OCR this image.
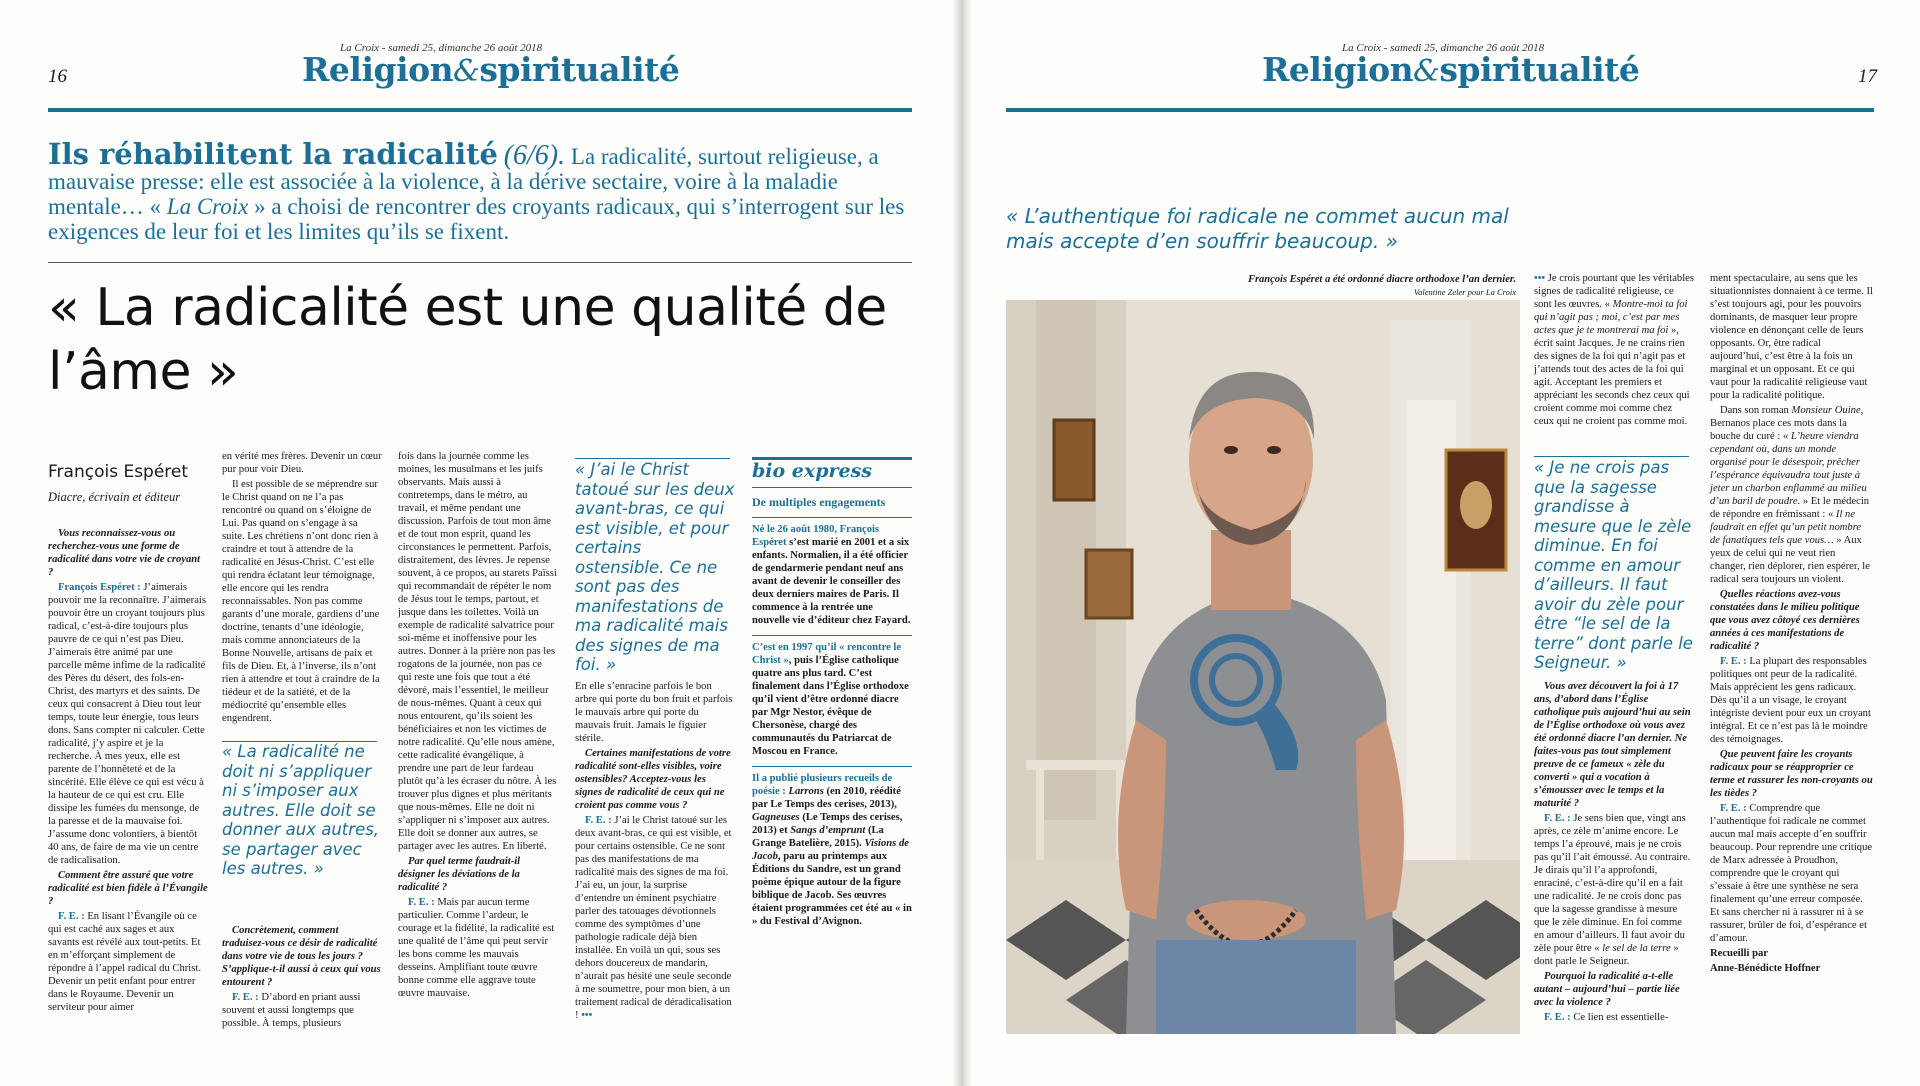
La Croix - samedi 25, dimanche 26 août 2018
16	Religion&spiritualité
Ils réhabilitent la radicalité (6/6). La radicalité, surtout religieuse, a mauvaise presse: elle est associée à la violence, à la dérive sectaire, voire à la maladie mentale… « La Croix » a choisi de rencontrer des croyants radicaux, qui s’interrogent sur les exigences de leur foi et les limites qu’ils se fixent.
« La radicalité est une qualité de l’âme »
François Espéret
Diacre, écrivain et éditeur

Vous reconnaissez-vous ou recherchez-vous une forme de radicalité dans votre vie de croyant ?

François Espéret : J’aimerais pouvoir me la reconnaître. J’aimerais pouvoir être un croyant toujours plus radical, c’est-à-dire toujours plus pauvre de ce qui n’est pas Dieu. J’aimerais être animé par une parcelle même infime de la radicalité des Pères du désert, des fols-en-Christ, des martyrs et des saints. De ceux qui consacrent à Dieu tout leur temps, toute leur énergie, tous leurs dons. Sans compter ni calculer. Cette radicalité, j’y aspire et je la recherche. À mes yeux, elle est parente de l’honnêteté et de la sincérité. Elle élève ce qui est vécu à la hauteur de ce qui est cru. Elle dissipe les fumées du mensonge, de la paresse et de la mauvaise foi. J’assume donc volontiers, à bientôt 40 ans, de faire de ma vie un centre de radicalisation.

Comment être assuré que votre radicalité est bien fidèle à l’Évangile ?

F. E. : En lisant l’Évangile où ce qui est caché aux sages et aux savants est révélé aux tout-petits. Et en m’efforçant simplement de répondre à l’appel radical du Christ. Devenir un petit enfant pour entrer dans le Royaume. Devenir un serviteur pour aimer

en vérité mes frères. Devenir un cœur pur pour voir Dieu.

Il est possible de se méprendre sur le Christ quand on ne l’a pas rencontré ou quand on s’éloigne de Lui. Pas quand on s’engage à sa suite. Les chrétiens n’ont donc rien à craindre et tout à attendre de la radicalité en Jésus-Christ. C’est elle qui rendra éclatant leur témoignage, elle encore qui les rendra reconnaissables. Non pas comme garants d’une morale, gardiens d’une doctrine, tenants d’une idéologie, mais comme annonciateurs de la Bonne Nouvelle, artisans de paix et fils de Dieu. Et, à l’inverse, ils n’ont rien à attendre et tout à craindre de la tiédeur et de la satiété, et de la médiocrité qu’ensemble elles engendrent.

« La radicalité ne doit ni s’appliquer ni s’imposer aux autres. Elle doit se donner aux autres, se partager avec les autres. »

Concrètement, comment traduisez-vous ce désir de radicalité dans votre vie de tous les jours ? S’applique-t-il aussi à ceux qui vous entourent ?

F. E. : D’abord en priant aussi souvent et aussi longtemps que possible. À temps, plusieurs

fois dans la journée comme les moines, les musulmans et les juifs observants. Mais aussi à contretemps, dans le métro, au travail, et même pendant une discussion. Parfois de tout mon âme et de tout mon esprit, quand les circonstances le permettent. Parfois, distraitement, des lèvres. Je repense souvent, à ce propos, au starets Païssi qui recommandait de répéter le nom de Jésus tout le temps, partout, et jusque dans les toilettes. Voilà un exemple de radicalité salvatrice pour soi-même et inoffensive pour les autres. Donner à la prière non pas les rogatons de la journée, non pas ce qui reste une fois que tout a été dévoré, mais l’essentiel, le meilleur de nous-mêmes. Quant à ceux qui nous entourent, qu’ils soient les bénéficiaires et non les victimes de notre radicalité. Qu’elle nous amène, cette radicalité évangélique, à prendre une part de leur fardeau plutôt qu’à les écraser du nôtre. À les trouver plus dignes et plus méritants que nous-mêmes. Elle ne doit ni s’appliquer ni s’imposer aux autres. Elle doit se donner aux autres, se partager avec les autres. En liberté.

Par quel terme faudrait-il désigner les déviations de la radicalité ?

F. E. : Mais par aucun terme particulier. Comme l’ardeur, le courage et la fidélité, la radicalité est une qualité de l’âme qui peut servir les bons comme les mauvais desseins. Amplifiant toute œuvre bonne comme elle aggrave toute œuvre mauvaise.

« J’ai le Christ tatoué sur les deux avant-bras, ce qui est visible, et pour certains ostensible. Ce ne sont pas des manifestations de ma radicalité mais des signes de ma foi. »

En elle s’enracine parfois le bon arbre qui porte du bon fruit et parfois le mauvais arbre qui porte du mauvais fruit. Jamais le figuier stérile.

Certaines manifestations de votre radicalité sont-elles visibles, voire ostensibles? Acceptez-vous les signes de radicalité de ceux qui ne croient pas comme vous ?

F. E. : J’ai le Christ tatoué sur les deux avant-bras, ce qui est visible, et pour certains ostensible. Ce ne sont pas des manifestations de ma radicalité mais des signes de ma foi. J’ai eu, un jour, la surprise d’entendre un éminent psychiatre parler des tatouages dévotionnels comme des symptômes d’une pathologie radicale déjà bien installée. En voilà un qui, sous ses dehors doucereux de mandarin, n’aurait pas hésité une seule seconde à me soumettre, pour mon bien, à un traitement radical de déradicalisation ! •••

bio express
De multiples engagements

Né le 26 août 1980, François Espéret s’est marié en 2001 et a six enfants. Normalien, il a été officier de gendarmerie pendant neuf ans avant de devenir le conseiller des deux derniers maires de Paris. Il commence à la rentrée une nouvelle vie d’éditeur chez Fayard.

C’est en 1997 qu’il « rencontre le Christ », puis l’Église catholique quatre ans plus tard. C’est finalement dans l’Église orthodoxe qu’il vient d’être ordonné diacre par Mgr Nestor, évêque de Chersonèse, chargé des communautés du Patriarcat de Moscou en France.

Il a publié plusieurs recueils de poésie : Larrons (en 2010, réédité par Le Temps des cerises, 2013), Gagneuses (Le Temps des cerises, 2013) et Sangs d’emprunt (La Grange Batelière, 2015). Visions de Jacob, paru au printemps aux Éditions du Sandre, est un grand poème épique autour de la figure biblique de Jacob. Ses œuvres étaient programmées cet été au « in » du Festival d’Avignon.

La Croix - samedi 25, dimanche 26 août 2018
17
Religion&spiritualité
« L’authentique foi radicale ne commet aucun mal mais accepte d’en souffrir beaucoup. »
François Espéret a été ordonné diacre orthodoxe l’an dernier.
Valentine Zeler pour La Croix

••• Je crois pourtant que les véritables signes de radicalité religieuse, ce sont les œuvres. « Montre-moi ta foi qui n’agit pas ; moi, c’est par mes actes que je te montrerai ma foi », écrit saint Jacques. Je ne crains rien des signes de la foi qui n’agit pas et j’attends tout des actes de la foi qui agit. Acceptant les premiers et appréciant les seconds chez ceux qui croient comme moi comme chez ceux qui ne croient pas comme moi.

« Je ne crois pas que la sagesse grandisse à mesure que le zèle diminue. En foi comme en amour d’ailleurs. Il faut avoir du zèle pour être “le sel de la terre” dont parle le Seigneur. »

Vous avez découvert la foi à 17 ans, d’abord dans l’Église catholique puis aujourd’hui au sein de l’Église orthodoxe où vous avez été ordonné diacre l’an dernier. Ne faites-vous pas tout simplement preuve de ce fameux « zèle du converti » qui a vocation à s’émousser avec le temps et la maturité ?

F. E. : Je sens bien que, vingt ans après, ce zèle m’anime encore. Le temps l’a éprouvé, mais je ne crois pas qu’il l’ait émoussé. Au contraire. Je dirais qu’il l’a approfondi, enraciné, c’est-à-dire qu’il en a fait une radicalité. Je ne crois donc pas que la sagesse grandisse à mesure que le zèle diminue. En foi comme en amour d’ailleurs. Il faut avoir du zèle pour être « le sel de la terre » dont parle le Seigneur.

Pourquoi la radicalité a-t-elle autant – aujourd’hui – partie liée avec la violence ?

F. E. : Ce lien est essentielle-

ment spectaculaire, au sens que les situationnistes donnaient à ce terme. Il s’est toujours agi, pour les pouvoirs dominants, de masquer leur propre violence en dénonçant celle de leurs opposants. Or, être radical aujourd’hui, c’est être à la fois un marginal et un opposant. Et ce qui vaut pour la radicalité religieuse vaut pour la radicalité politique.

Dans son roman Monsieur Ouine, Bernanos place ces mots dans la bouche du curé : « L’heure viendra cependant où, dans un monde organisé pour le désespoir, prêcher l’espérance équivaudra tout juste à jeter un charbon enflammé au milieu d’un baril de poudre. » Et le médecin de répondre en frémissant : « Il ne faudrait en effet qu’un petit nombre de fanatiques tels que vous… » Aux yeux de celui qui ne veut rien changer, rien déplorer, rien espérer, le radical sera toujours un violent.

Quelles réactions avez-vous constatées dans le milieu politique que vous avez côtoyé ces dernières années à ces manifestations de radicalité ?

F. E. : La plupart des responsables politiques ont peur de la radicalité. Mais apprécient les gens radicaux. Dès qu’il a un visage, le croyant intégriste devient pour eux un croyant intégral. Et ce n’est pas là le moindre des témoignages.

Que peuvent faire les croyants radicaux pour se réapproprier ce terme et rassurer les non-croyants ou les tièdes ?

F. E. : Comprendre que l’authentique foi radicale ne commet aucun mal mais accepte d’en souffrir beaucoup. Pour reprendre une critique de Marx adressée à Proudhon, comprendre que le croyant qui s’essaie à être une synthèse ne sera finalement qu’une erreur composée. Et sans chercher ni à rassurer ni à se rassurer, brûler de foi, d’espérance et d’amour.

Recueilli par

Anne-Bénédicte Hoffner
